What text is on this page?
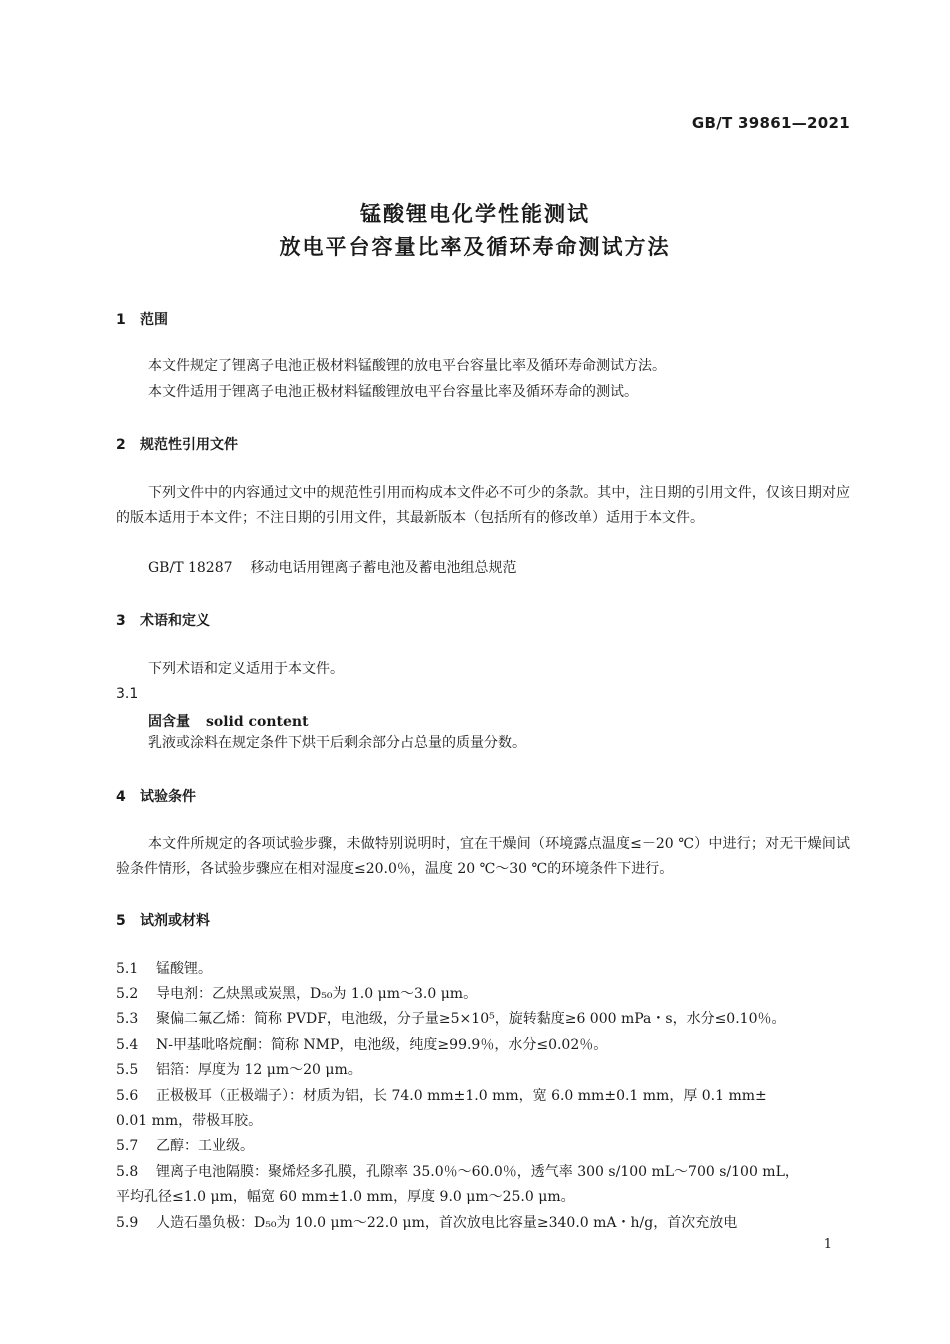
GB/T 39861—2021
锰酸锂电化学性能测试
放电平台容量比率及循环寿命测试方法
1 范围
本文件规定了锂离子电池正极材料锰酸锂的放电平台容量比率及循环寿命测试方法。
本文件适用于锂离子电池正极材料锰酸锂放电平台容量比率及循环寿命的测试。
2 规范性引用文件
下列文件中的内容通过文中的规范性引用而构成本文件必不可少的条款。其中，注日期的引用文件，仅该日期对应的版本适用于本文件；不注日期的引用文件，其最新版本（包括所有的修改单）适用于本文件。
GB/T 18287 移动电话用锂离子蓄电池及蓄电池组总规范
3 术语和定义
下列术语和定义适用于本文件。
3.1
固含量 solid content
乳液或涂料在规定条件下烘干后剩余部分占总量的质量分数。
4 试验条件
本文件所规定的各项试验步骤，未做特别说明时，宜在干燥间（环境露点温度≤－20 ℃）中进行；对无干燥间试验条件情形，各试验步骤应在相对湿度≤20.0％，温度 20 ℃～30 ℃的环境条件下进行。
5 试剂或材料
5.1 锰酸锂。
5.2 导电剂：乙炔黑或炭黑，D₅₀为 1.0 μm～3.0 μm。
5.3 聚偏二氟乙烯：简称 PVDF，电池级，分子量≥5×10⁵，旋转黏度≥6 000 mPa・s，水分≤0.10％。
5.4 N-甲基吡咯烷酮：简称 NMP，电池级，纯度≥99.9％，水分≤0.02％。
5.5 铝箔：厚度为 12 μm～20 μm。
5.6 正极极耳（正极端子）：材质为铝，长 74.0 mm±1.0 mm，宽 6.0 mm±0.1 mm，厚 0.1 mm±
0.01 mm，带极耳胶。
5.7 乙醇：工业级。
5.8 锂离子电池隔膜：聚烯烃多孔膜，孔隙率 35.0％～60.0％，透气率 300 s/100 mL～700 s/100 mL，
平均孔径≤1.0 μm，幅宽 60 mm±1.0 mm，厚度 9.0 μm～25.0 μm。
5.9 人造石墨负极：D₅₀为 10.0 μm～22.0 μm，首次放电比容量≥340.0 mA・h/g，首次充放电
1
